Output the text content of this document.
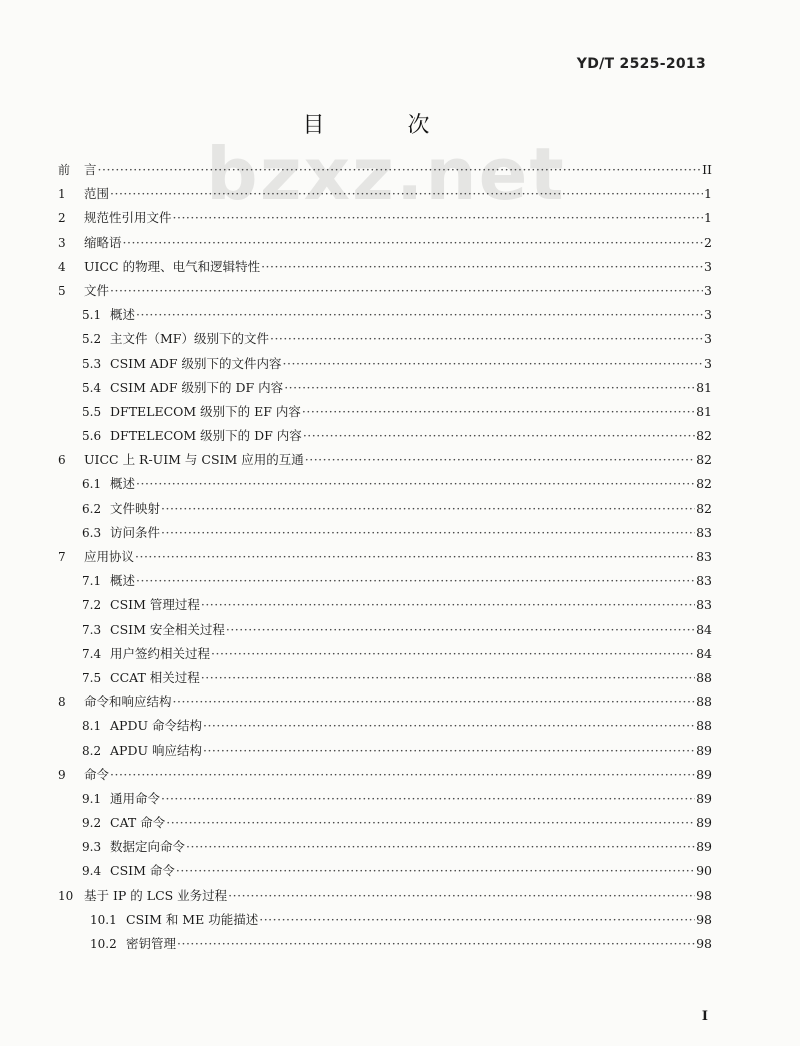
YD/T 2525-2013
目 次
bzxz.net
前	言 ·····	II
1	范围 ·····	1
2	规范性引用文件 ·····	1
3	缩略语 ·····	2
4	UICC 的物理、电气和逻辑特性 ·····	3
5	文件 ·····	3
5.1 概述 ·····	3
5.2 主文件（MF）级别下的文件 ·····	3
5.3 CSIM ADF 级别下的文件内容 ·····	3
5.4 CSIM ADF 级别下的 DF 内容 ·····	81
5.5 DFTELECOM 级别下的 EF 内容 ·····	81
5.6 DFTELECOM 级别下的 DF 内容 ·····	82
6	UICC 上 R-UIM 与 CSIM 应用的互通 ·····	82
6.1 概述 ·····	82
6.2 文件映射 ·····	82
6.3 访问条件 ·····	83
7	应用协议 ·····	83
7.1 概述 ·····	83
7.2 CSIM 管理过程 ·····	83
7.3 CSIM 安全相关过程 ·····	84
7.4 用户签约相关过程 ·····	84
7.5 CCAT 相关过程 ·····	88
8	命令和响应结构 ·····	88
8.1 APDU 命令结构 ·····	88
8.2 APDU 响应结构 ·····	89
9	命令 ·····	89
9.1 通用命令 ·····	89
9.2 CAT 命令 ·····	89
9.3 数据定向命令 ·····	89
9.4 CSIM 命令 ·····	90
10 基于 IP 的 LCS 业务过程 ·····	98
10.1 CSIM 和 ME 功能描述 ·····	98
10.2 密钥管理 ·····	98
I
